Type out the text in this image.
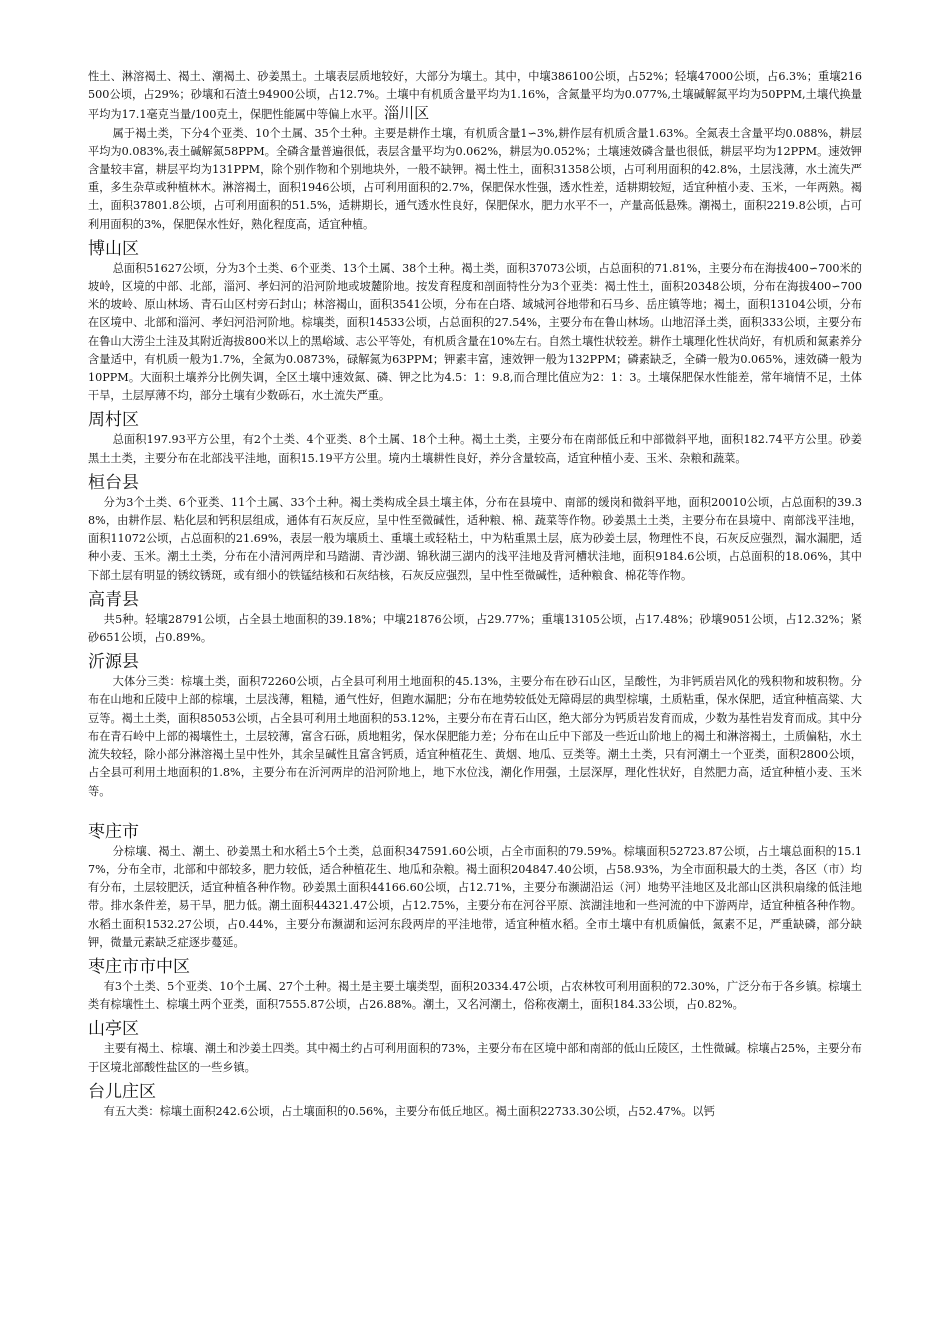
性土、淋溶褐土、褐土、潮褐土、砂姜黑土。土壤表层质地较好，大部分为壤土。其中，中壤386100公顷，占52%；轻壤47000公顷，占6.3%；重壤216500公顷，占29%；砂壤和石渣土94900公顷，占12.7%。土壤中有机质含量平均为1.16%，含氮量平均为0.077%,土壤碱解氮平均为50PPM,土壤代换量平均为17.1毫克当量/100克土，保肥性能属中等偏上水平。淄川区

属于褐土类，下分4个亚类、10个土属、35个土种。主要是耕作土壤，有机质含量1∽3%,耕作层有机质含量1.63%。全氮表土含量平均0.088%，耕层平均为0.083%,表土碱解氮58PPM。全磷含量普遍很低，表层含量平均为0.062%，耕层为0.052%；土壤速效磷含量也很低，耕层平均为12PPM。速效钾含量较丰富，耕层平均为131PPM，除个别作物和个别地块外，一般不缺钾。褐土性土，面积31358公顷，占可利用面积的42.8%，土层浅薄，水土流失严重，多生杂草或种植林木。淋溶褐土，面积1946公顷，占可利用面积的2.7%，保肥保水性强，透水性差，适耕期较短，适宜种植小麦、玉米，一年两熟。褐土，面积37801.8公顷，占可利用面积的51.5%，适耕期长，通气透水性良好，保肥保水，肥力水平不一，产量高低悬殊。潮褐土，面积2219.8公顷，占可利用面积的3%，保肥保水性好，熟化程度高，适宜种植。

博山区

总面积51627公顷，分为3个土类、6个亚类、13个土属、38个土种。褐土类，面积37073公顷，占总面积的71.81%，主要分布在海拔400∽700米的坡岭，区境的中部、北部，淄河、孝妇河的沿河阶地或坡麓阶地。按发育程度和剖面特性分为3个亚类：褐土性土，面积20348公顷，分布在海拔400∽700米的坡岭、原山林场、青石山区村旁石封山；林溶褐山，面积3541公顷，分布在白塔、域城河谷地带和石马乡、岳庄镇等地；褐土，面积13104公顷，分布在区境中、北部和淄河、孝妇河沿河阶地。棕壤类，面积14533公顷，占总面积的27.54%，主要分布在鲁山林场。山地沼泽土类，面积333公顷，主要分布在鲁山大涝尘土洼及其附近海拔800米以上的黑峪域、志公平等处，有机质含量在10%左右。自然土壤性状较差。耕作土壤理化性状尚好，有机质和氮素养分含量适中，有机质一般为1.7%，全氮为0.0873%，碌解氮为63PPM；钾素丰富，速效钾一般为132PPM；磷素缺乏，全磷一般为0.065%，速效磷一般为10PPM。大面积土壤养分比例失调，全区土壤中速效氮、磷、钾之比为4.5：1：9.8,而合理比值应为2：1：3。土壤保肥保水性能差，常年墒情不足，土体干旱，土层厚薄不均，部分土壤有少数砾石，水土流失严重。

周村区

总面积197.93平方公里，有2个土类、4个亚类、8个土属、18个土种。褐土土类，主要分布在南部低丘和中部微斜平地，面积182.74平方公里。砂姜黑土土类，主要分布在北部浅平洼地，面积15.19平方公里。境内土壤耕性良好，养分含量较高，适宜种植小麦、玉米、杂粮和蔬菜。

桓台县

分为3个土类、6个亚类、11个土属、33个土种。褐土类构成全县土壤主体，分布在县境中、南部的缓岗和微斜平地，面积20010公顷，占总面积的39.38%，由耕作层、粘化层和钙积层组成，通体有石灰反应，呈中性至微碱性，适种粮、棉、蔬菜等作物。砂姜黑土土类，主要分布在县境中、南部浅平洼地，面积11072公顷，占总面积的21.69%，表层一般为壤质土、重壤土或轻粘土，中为粘重黑土层，底为砂姜土层，物理性不良，石灰反应强烈，漏水漏肥，适种小麦、玉米。潮土土类，分布在小清河两岸和马踏湖、青沙湖、锦秋湖三湖内的浅平洼地及背河槽状洼地，面积9184.6公顷，占总面积的18.06%，其中下部土层有明显的锈纹锈斑，或有细小的铁锰结核和石灰结核，石灰反应强烈，呈中性至微碱性，适种粮食、棉花等作物。

高青县

共5种。轻壤28791公顷，占全县土地面积的39.18%；中壤21876公顷，占29.77%；重壤13105公顷，占17.48%；砂壤9051公顷，占12.32%；紧砂651公顷，占0.89%。

沂源县

大体分三类：棕壤土类，面积72260公顷，占全县可利用土地面积的45.13%，主要分布在砂石山区，呈酸性，为非钙质岩风化的残积物和坡积物。分布在山地和丘陵中上部的棕壤，土层浅薄，粗糙，通气性好，但跑水漏肥；分布在地势较低处无障碍层的典型棕壤，土质粘重，保水保肥，适宜种植高粱、大豆等。褐土土类，面积85053公顷，占全县可利用土地面积的53.12%，主要分布在青石山区，绝大部分为钙质岩发育而成，少数为基性岩发育而成。其中分布在青石岭中上部的褐壤性土，土层较薄，富含石砾，质地粗劣，保水保肥能力差；分布在山丘中下部及一些近山阶地上的褐土和淋溶褐土，土质偏粘，水土流失较轻，除小部分淋溶褐土呈中性外，其余呈碱性且富含钙质，适宜种植花生、黄烟、地瓜、豆类等。潮土土类，只有河潮土一个亚类，面积2800公顷，占全县可利用土地面积的1.8%，主要分布在沂河两岸的沿河阶地上，地下水位浅，潮化作用强，土层深厚，理化性状好，自然肥力高，适宜种植小麦、玉米等。

枣庄市

分棕壤、褐土、潮土、砂姜黑土和水稻土5个土类，总面积347591.60公顷，占全市面积的79.59%。棕壤面积52723.87公顷，占土壤总面积的15.17%，分布全市，北部和中部较多，肥力较低，适合种植花生、地瓜和杂粮。褐土面积204847.40公顷，占58.93%，为全市面积最大的土类，各区（市）均有分布，土层较肥沃，适宜种植各种作物。砂姜黑土面积44166.60公顷，占12.71%，主要分布濒湖沿运（河）地势平洼地区及北部山区洪积扇缘的低洼地带。排水条件差，易干旱，肥力低。潮土面积44321.47公顷，占12.75%，主要分布在河谷平原、滨湖洼地和一些河流的中下游两岸，适宜种植各种作物。水稻土面积1532.27公顷，占0.44%，主要分布濒湖和运河东段两岸的平洼地带，适宜种植水稻。全市土壤中有机质偏低，氮素不足，严重缺磷，部分缺钾，微量元素缺乏症逐步蔓延。

枣庄市市中区

有3个土类、5个亚类、10个土属、27个土种。褐土是主要土壤类型，面积20334.47公顷，占农林牧可利用面积的72.30%，广泛分布于各乡镇。棕壤土类有棕壤性土、棕壤土两个亚类，面积7555.87公顷，占26.88%。潮土，又名河潮土，俗称夜潮土，面积184.33公顷，占0.82%。

山亭区

主要有褐土、棕壤、潮土和沙姜土四类。其中褐土约占可利用面积的73%，主要分布在区境中部和南部的低山丘陵区，土性微碱。棕壤占25%，主要分布于区境北部酸性盐区的一些乡镇。

台儿庄区

有五大类：棕壤土面积242.6公顷，占土壤面积的0.56%，主要分布低丘地区。褐土面积22733.30公顷，占52.47%。以钙
